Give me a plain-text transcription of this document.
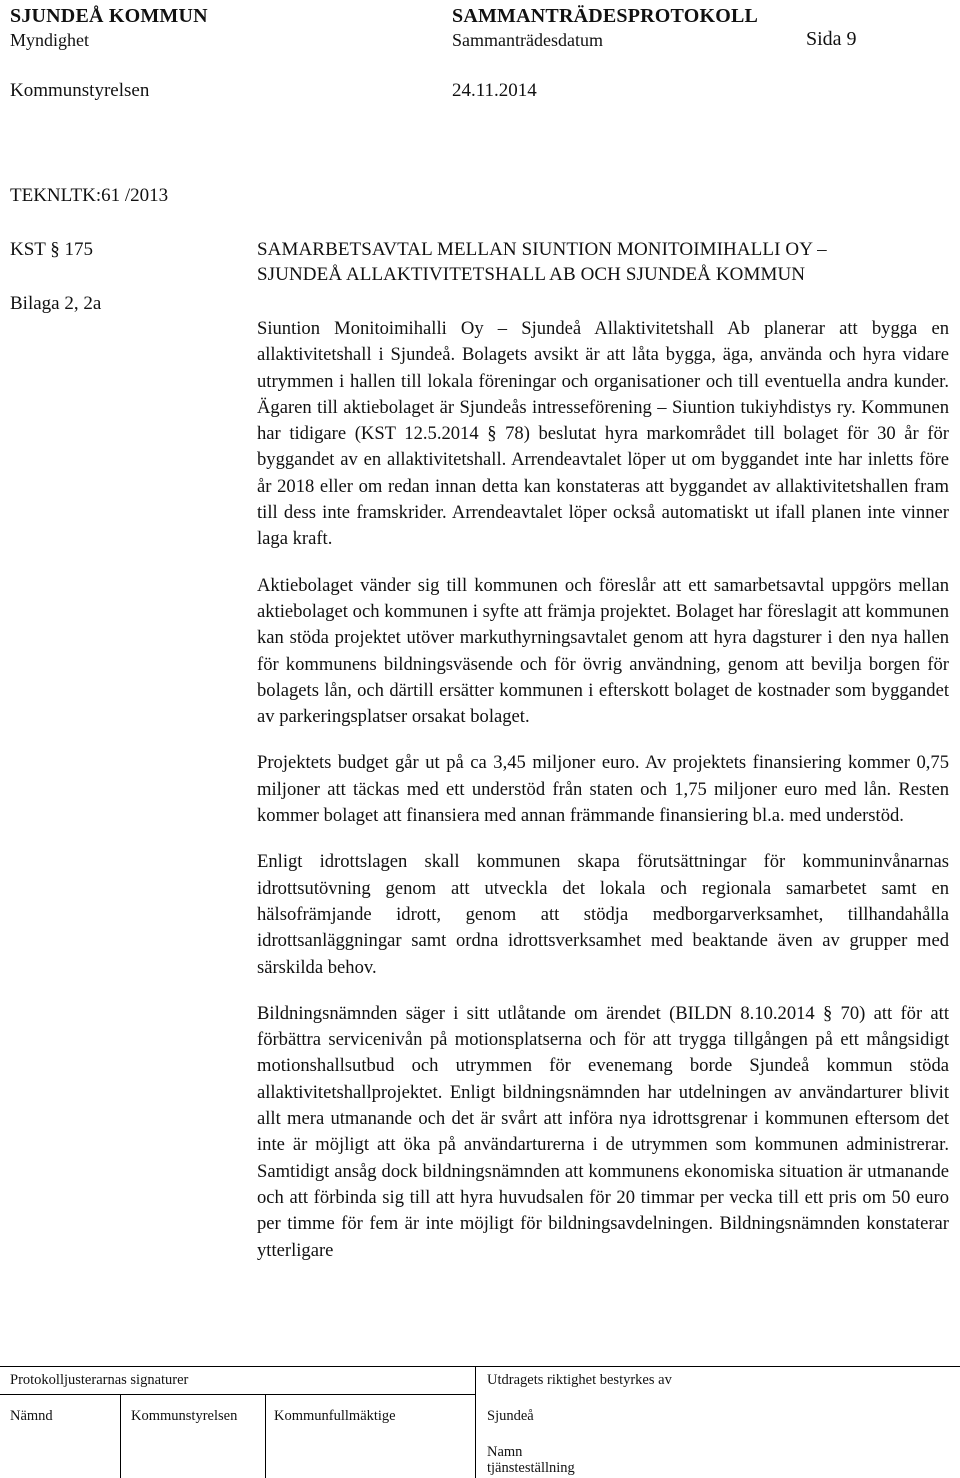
SJUNDEÅ KOMMUN	SAMMANTRÄDESPROTOKOLL
Myndighet	Sammanträdesdatum	Sida 9
Kommunstyrelsen	24.11.2014
TEKNLTK:61 /2013
KST § 175
Bilaga 2, 2a
SAMARBETSAVTAL MELLAN SIUNTION MONITOIMIHALLI OY –
SJUNDEÅ ALLAKTIVITETSHALL AB OCH SJUNDEÅ KOMMUN

Siuntion Monitoimihalli Oy – Sjundeå Allaktivitetshall Ab planerar att bygga en allaktivitetshall i Sjundeå. Bolagets avsikt är att låta bygga, äga, använda och hyra vidare utrymmen i hallen till lokala föreningar och organisationer och till eventuella andra kunder. Ägaren till aktiebolaget är Sjundeås intresseförening – Siuntion tukiyhdistys ry. Kommunen har tidigare (KST 12.5.2014 § 78) beslutat hyra markområdet till bolaget för 30 år för byggandet av en allaktivitetshall. Arrendeavtalet löper ut om byggandet inte har inletts före år 2018 eller om redan innan detta kan konstateras att byggandet av allaktivitetshallen fram till dess inte framskrider. Arrendeavtalet löper också automatiskt ut ifall planen inte vinner laga kraft.

Aktiebolaget vänder sig till kommunen och föreslår att ett samarbetsavtal uppgörs mellan aktiebolaget och kommunen i syfte att främja projektet. Bolaget har föreslagit att kommunen kan stöda projektet utöver markuthyrningsavtalet genom att hyra dagsturer i den nya hallen för kommunens bildningsväsende och för övrig användning, genom att bevilja borgen för bolagets lån, och därtill ersätter kommunen i efterskott bolaget de kostnader som byggandet av parkeringsplatser orsakat bolaget.

Projektets budget går ut på ca 3,45 miljoner euro. Av projektets finansiering kommer 0,75 miljoner att täckas med ett understöd från staten och 1,75 miljoner euro med lån. Resten kommer bolaget att finansiera med annan främmande finansiering bl.a. med understöd.

Enligt idrottslagen skall kommunen skapa förutsättningar för kommuninvånarnas idrottsutövning genom att utveckla det lokala och regionala samarbetet samt en hälsofrämjande idrott, genom att stödja medborgarverksamhet, tillhandahålla idrottsanläggningar samt ordna idrottsverksamhet med beaktande även av grupper med särskilda behov.

Bildningsnämnden säger i sitt utlåtande om ärendet (BILDN 8.10.2014 § 70) att för att förbättra servicenivån på motionsplatserna och för att trygga tillgången på ett mångsidigt motionshallsutbud och utrymmen för evenemang borde Sjundeå kommun stöda allaktivitetshallprojektet. Enligt bildningsnämnden har utdelningen av användarturer blivit allt mera utmanande och det är svårt att införa nya idrottsgrenar i kommunen eftersom det inte är möjligt att öka på användarturerna i de utrymmen som kommunen administrerar. Samtidigt ansåg dock bildningsnämnden att kommunens ekonomiska situation är utmanande och att förbinda sig till att hyra huvudsalen för 20 timmar per vecka till ett pris om 50 euro per timme för fem är inte möjligt för bildningsavdelningen. Bildningsnämnden konstaterar ytterligare

Protokolljusterarnas signaturer	Utdragets riktighet bestyrkes av
Nämnd	Kommunstyrelsen	Kommunfullmäktige	Sjundeå
Namn
tjänsteställning
